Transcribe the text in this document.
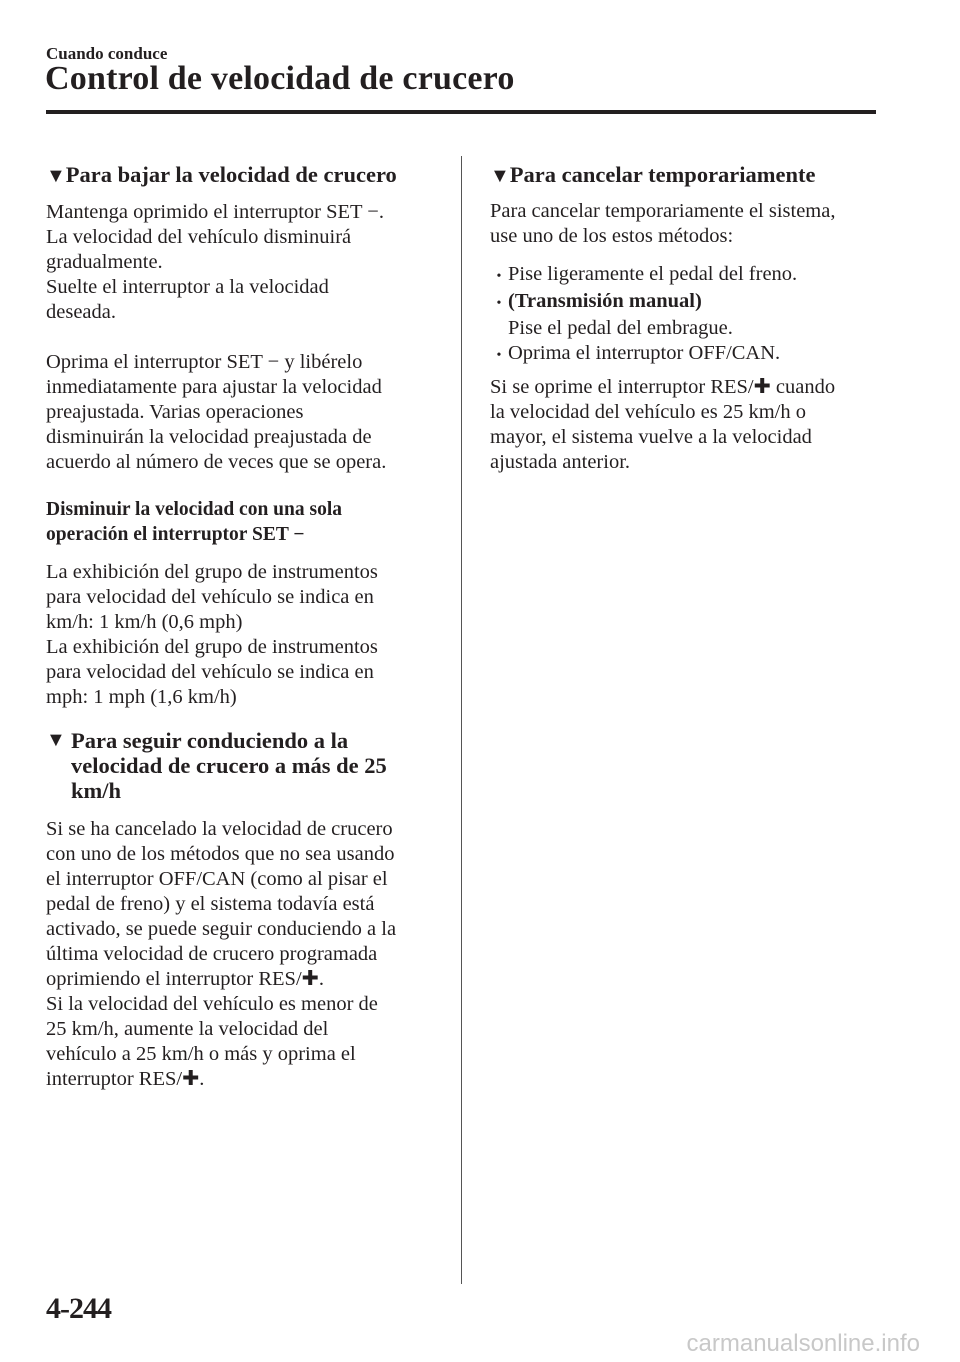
Cuando conduce
Control de velocidad de crucero
▼Para bajar la velocidad de crucero
Mantenga oprimido el interruptor SET −.
La velocidad del vehículo disminuirá
gradualmente.
Suelte el interruptor a la velocidad
deseada.
Oprima el interruptor SET − y libérelo
inmediatamente para ajustar la velocidad
preajustada. Varias operaciones
disminuirán la velocidad preajustada de
acuerdo al número de veces que se opera.
Disminuir la velocidad con una sola
operación el interruptor SET −
La exhibición del grupo de instrumentos
para velocidad del vehículo se indica en
km/h: 1 km/h (0,6 mph)
La exhibición del grupo de instrumentos
para velocidad del vehículo se indica en
mph: 1 mph (1,6 km/h)
▼ Para seguir conduciendo a la
velocidad de crucero a más de 25
km/h
Si se ha cancelado la velocidad de crucero
con uno de los métodos que no sea usando
el interruptor OFF/CAN (como al pisar el
pedal de freno) y el sistema todavía está
activado, se puede seguir conduciendo a la
última velocidad de crucero programada
oprimiendo el interruptor RES/✚.
Si la velocidad del vehículo es menor de
25 km/h, aumente la velocidad del
vehículo a 25 km/h o más y oprima el
interruptor RES/✚.
▼Para cancelar temporariamente
Para cancelar temporariamente el sistema,
use uno de los estos métodos:
• Pise ligeramente el pedal del freno.
• (Transmisión manual)
Pise el pedal del embrague.
• Oprima el interruptor OFF/CAN.
Si se oprime el interruptor RES/✚ cuando
la velocidad del vehículo es 25 km/h o
mayor, el sistema vuelve a la velocidad
ajustada anterior.
4-244
carmanualsonline.info
